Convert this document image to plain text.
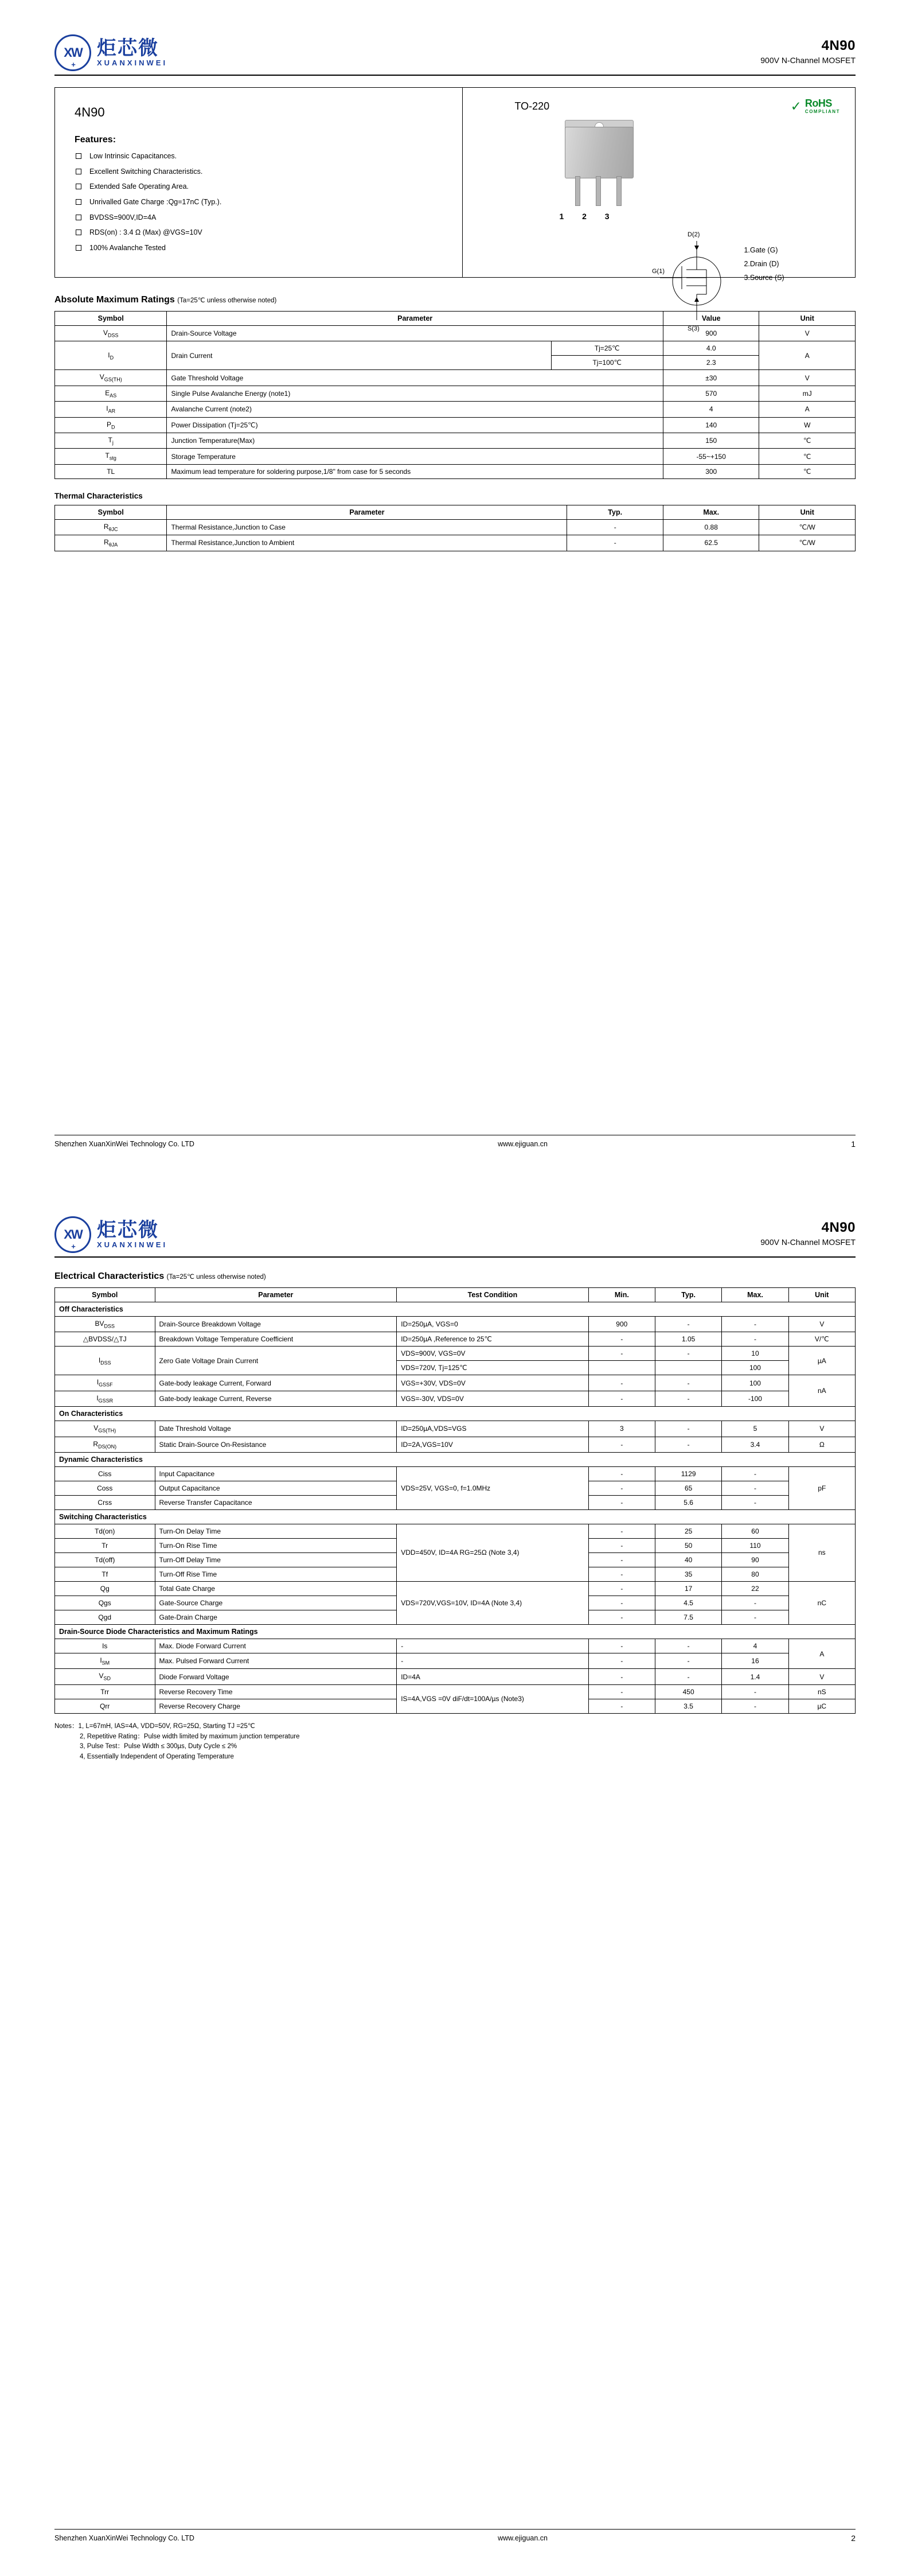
XW
+
炬芯微
XUANXINWEI
4N90
900V N-Channel MOSFET
4N90
Features:
Low Intrinsic Capacitances.
Excellent Switching Characteristics.
Extended Safe Operating Area.
Unrivalled Gate Charge :Qg=17nC (Typ.).
BVDSS=900V,ID=4A
RDS(on) : 3.4 Ω (Max) @VGS=10V
100% Avalanche Tested
TO-220	✓ RoHS
COMPLIANT
1 2 3
D(2)
G(1)
S(3)
1.Gate (G)
2.Drain (D)
3.Source (S)
Absolute Maximum Ratings (Ta=25℃ unless otherwise noted)
Symbol	Parameter		Value	Unit
$V_{DSS}$	Drain-Source Voltage		900	V
$I_D$	Drain Current	Tj=25℃	4.0	A
		Tj=100℃	2.3	
$V_{GS(TH)}$	Gate Threshold Voltage		±30	V
$E_{AS}$	Single Pulse Avalanche Energy (note1)		570	mJ
$I_{AR}$	Avalanche Current (note2)		4	A
$P_D$	Power Dissipation (Tj=25℃)		140	W
$T_j$	Junction Temperature(Max)		150	℃
$T_{stg}$	Storage Temperature		-55~+150	℃
TL	Maximum lead temperature for soldering purpose,1/8" from case for 5 seconds		300	℃
Thermal Characteristics
Symbol	Parameter	Typ.	Max.	Unit
$R_{\theta JC}$	Thermal Resistance,Junction to Case	-	0.88	℃/W
$R_{\theta JA}$	Thermal Resistance,Junction to Ambient	-	62.5	℃/W
Shenzhen XuanXinWei Technology Co. LTD	www.ejiguan.cn	1
XW
+
炬芯微
XUANXINWEI
4N90
900V N-Channel MOSFET
Electrical Characteristics (Ta=25℃ unless otherwise noted)
Symbol	Parameter	Test Condition	Min.	Typ.	Max.	Unit
Off Characteristics						
$BV_{DSS}$	Drain-Source Breakdown Voltage	ID=250µA, VGS=0	900	-	-	V
△BVDSS/△TJ	Breakdown Voltage Temperature Coefficient	ID=250µA ,Reference to 25℃	-	1.05	-	V/℃
$I_{DSS}$	Zero Gate Voltage Drain Current	VDS=900V, VGS=0V	-	-	10	µA
		VDS=720V, Tj=125℃			100	
$I_{GSSF}$	Gate-body leakage Current, Forward	VGS=+30V, VDS=0V	-	-	100	nA
$I_{GSSR}$	Gate-body leakage Current, Reverse	VGS=-30V, VDS=0V	-	-	-100	
On Characteristics						
$V_{GS(TH)}$	Date Threshold Voltage	ID=250µA,VDS=VGS	3	-	5	V
$R_{DS(ON)}$	Static Drain-Source On-Resistance	ID=2A,VGS=10V	-	-	3.4	Ω
Dynamic Characteristics						
Ciss	Input Capacitance	VDS=25V, VGS=0, f=1.0MHz	-	1129	-	pF
Coss	Output Capacitance		-	65	-	
Crss	Reverse Transfer Capacitance		-	5.6	-	
Switching Characteristics						
Td(on)	Turn-On Delay Time	VDD=450V, ID=4A RG=25Ω (Note 3,4)	-	25	60	ns
Tr	Turn-On Rise Time		-	50	110	
Td(off)	Turn-Off Delay Time		-	40	90	
Tf	Turn-Off Rise Time		-	35	80	
Qg	Total Gate Charge	VDS=720V,VGS=10V, ID=4A (Note 3,4)	-	17	22	nC
Qgs	Gate-Source Charge		-	4.5	-	
Qgd	Gate-Drain Charge		-	7.5	-	
Drain-Source Diode Characteristics and Maximum Ratings						
Is	Max. Diode Forward Current	-	-	-	4	A
$I_{SM}$	Max. Pulsed Forward Current	-	-	-	16	
$V_{SD}$	Diode Forward Voltage	ID=4A	-	-	1.4	V
Trr	Reverse Recovery Time	IS=4A,VGS =0V diF/dt=100A/µs (Note3)	-	450	-	nS
Qrr	Reverse Recovery Charge		-	3.5	-	µC
Notes：1, L=67mH, IAS=4A, VDD=50V, RG=25Ω, Starting TJ =25℃
2, Repetitive Rating：Pulse width limited by maximum junction temperature
3, Pulse Test：Pulse Width ≤ 300µs, Duty Cycle ≤ 2%
4, Essentially Independent of Operating Temperature
Shenzhen XuanXinWei Technology Co. LTD	www.ejiguan.cn	2
